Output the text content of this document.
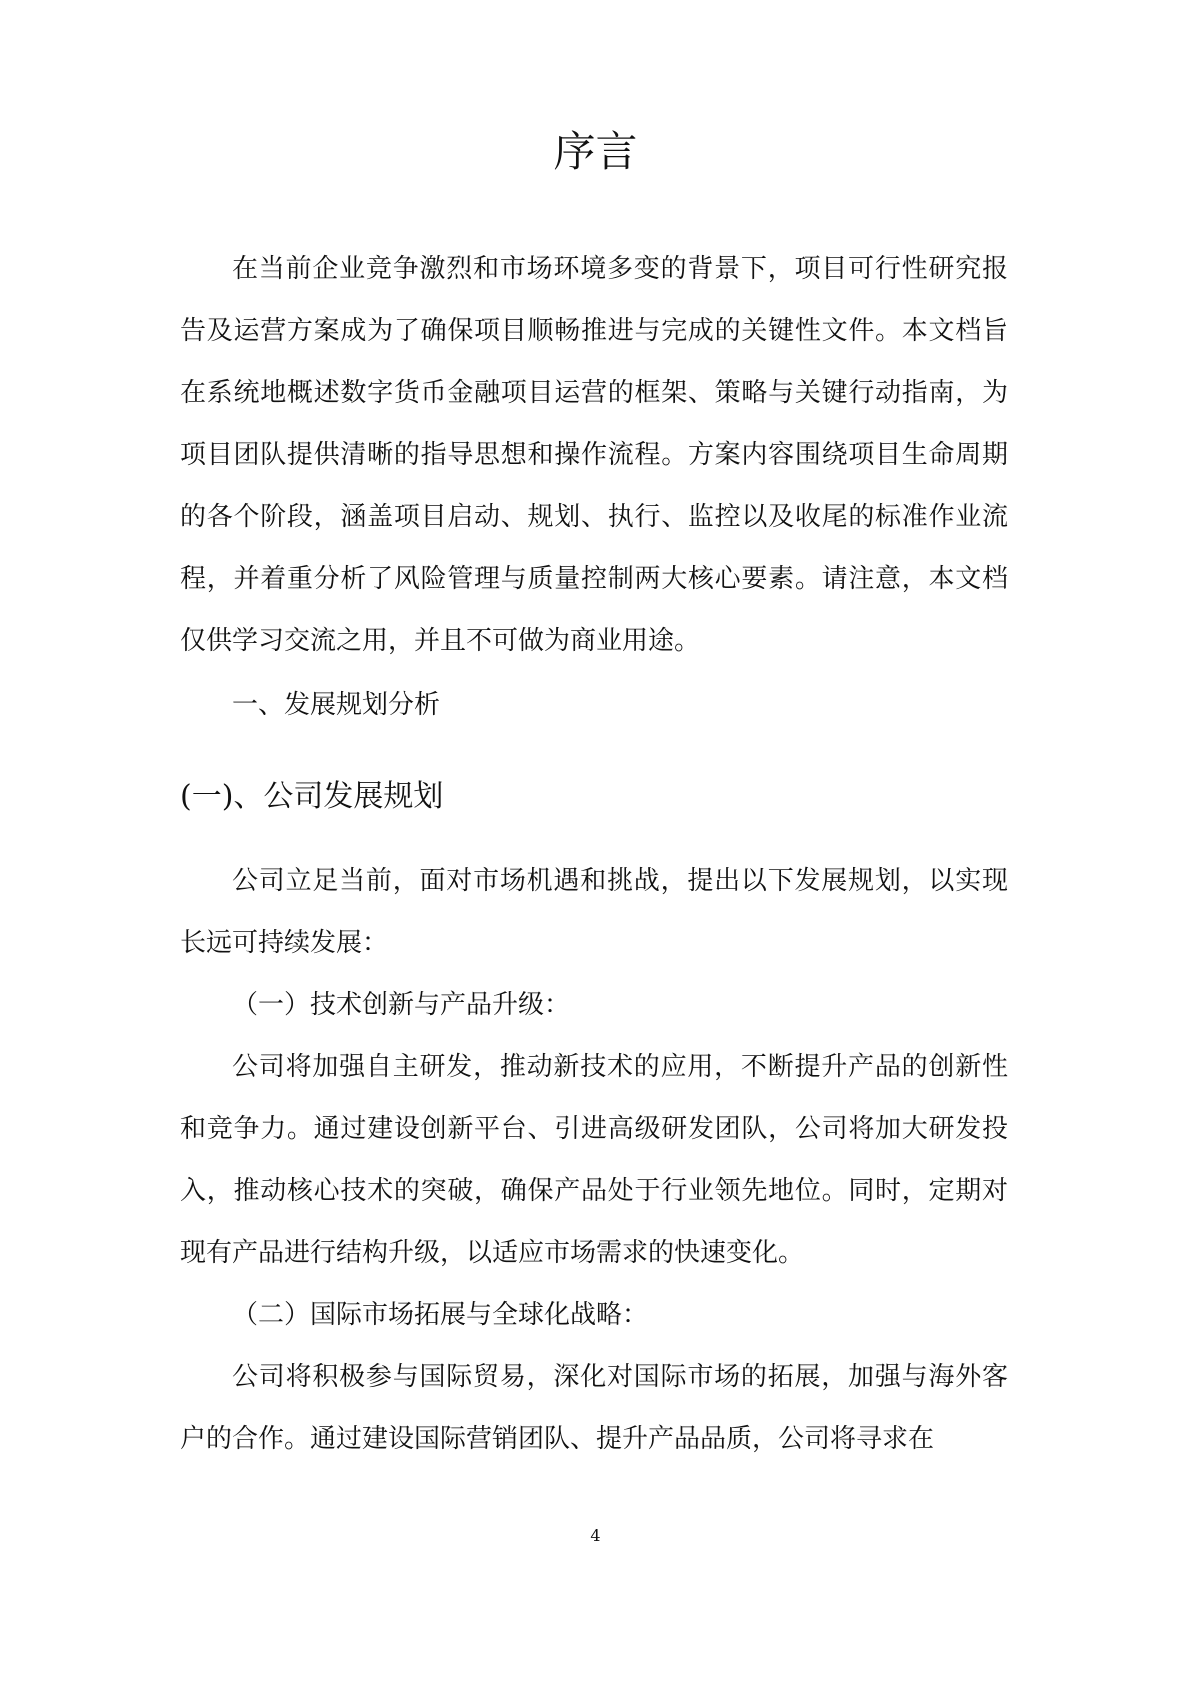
序言

在当前企业竞争激烈和市场环境多变的背景下，项目可行性研究报告及运营方案成为了确保项目顺畅推进与完成的关键性文件。本文档旨在系统地概述数字货币金融项目运营的框架、策略与关键行动指南，为项目团队提供清晰的指导思想和操作流程。方案内容围绕项目生命周期的各个阶段，涵盖项目启动、规划、执行、监控以及收尾的标准作业流程，并着重分析了风险管理与质量控制两大核心要素。请注意，本文档仅供学习交流之用，并且不可做为商业用途。

一、发展规划分析

(一)、公司发展规划

公司立足当前，面对市场机遇和挑战，提出以下发展规划，以实现长远可持续发展：

（一）技术创新与产品升级：

公司将加强自主研发，推动新技术的应用，不断提升产品的创新性和竞争力。通过建设创新平台、引进高级研发团队，公司将加大研发投入，推动核心技术的突破，确保产品处于行业领先地位。同时，定期对现有产品进行结构升级，以适应市场需求的快速变化。

（二）国际市场拓展与全球化战略：

公司将积极参与国际贸易，深化对国际市场的拓展，加强与海外客户的合作。通过建设国际营销团队、提升产品品质，公司将寻求在

4
